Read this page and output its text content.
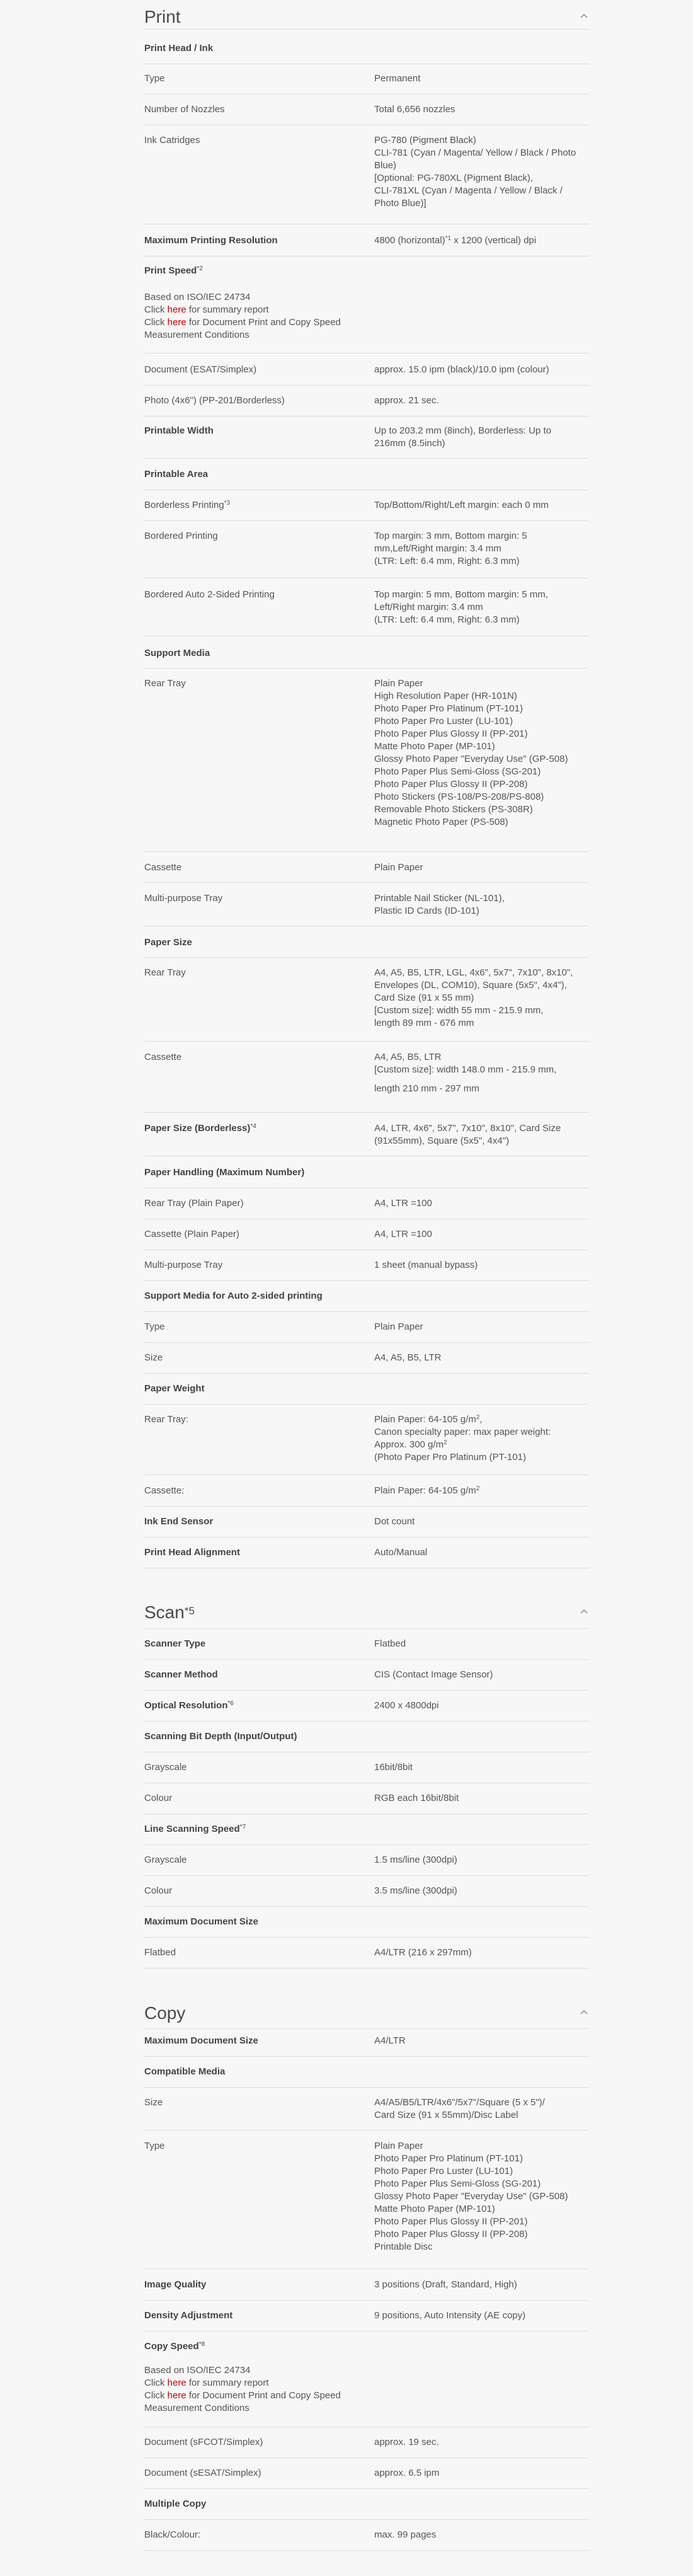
Print
Print Head / Ink
Type	Permanent
Number of Nozzles	Total 6,656 nozzles
Ink Catridges	PG-780 (Pigment Black)
CLI-781 (Cyan / Magenta/ Yellow / Black / Photo
Blue)
[Optional: PG-780XL (Pigment Black),
CLI-781XL (Cyan / Magenta / Yellow / Black /
Photo Blue)]
Maximum Printing Resolution	4800 (horizontal)$^{*1}$ x 1200 (vertical) dpi
Print Speed$^{*2}$
Based on ISO/IEC 24734
Click here for summary report
Click here for Document Print and Copy Speed
Measurement Conditions
Document (ESAT/Simplex)	approx. 15.0 ipm (black)/10.0 ipm (colour)
Photo (4x6") (PP-201/Borderless)	approx. 21 sec.
Printable Width	Up to 203.2 mm (8inch), Borderless: Up to
216mm (8.5inch)
Printable Area
Borderless Printing$^{*3}$	Top/Bottom/Right/Left margin: each 0 mm
Bordered Printing	Top margin: 3 mm, Bottom margin: 5
mm,Left/Right margin: 3.4 mm
(LTR: Left: 6.4 mm, Right: 6.3 mm)
Bordered Auto 2-Sided Printing	Top margin: 5 mm, Bottom margin: 5 mm,
Left/Right margin: 3.4 mm
(LTR: Left: 6.4 mm, Right: 6.3 mm)
Support Media
Rear Tray	Plain Paper
High Resolution Paper (HR-101N)
Photo Paper Pro Platinum (PT-101)
Photo Paper Pro Luster (LU-101)
Photo Paper Plus Glossy II (PP-201)
Matte Photo Paper (MP-101)
Glossy Photo Paper "Everyday Use" (GP-508)
Photo Paper Plus Semi-Gloss (SG-201)
Photo Paper Plus Glossy II (PP-208)
Photo Stickers (PS-108/PS-208/PS-808)
Removable Photo Stickers (PS-308R)
Magnetic Photo Paper (PS-508)
Cassette	Plain Paper
Multi-purpose Tray	Printable Nail Sticker (NL-101),
Plastic ID Cards (ID-101)
Paper Size
Rear Tray	A4, A5, B5, LTR, LGL, 4x6", 5x7", 7x10", 8x10",
Envelopes (DL, COM10), Square (5x5", 4x4"),
Card Size (91 x 55 mm)
[Custom size]: width 55 mm - 215.9 mm,
length 89 mm - 676 mm
Cassette	A4, A5, B5, LTR
[Custom size]: width 148.0 mm - 215.9 mm,
length 210 mm - 297 mm
Paper Size (Borderless)$^{*4}$	A4, LTR, 4x6", 5x7", 7x10", 8x10", Card Size
(91x55mm), Square (5x5", 4x4")
Paper Handling (Maximum Number)
Rear Tray (Plain Paper)	A4, LTR =100
Cassette (Plain Paper)	A4, LTR =100
Multi-purpose Tray	1 sheet (manual bypass)
Support Media for Auto 2-sided printing
Type	Plain Paper
Size	A4, A5, B5, LTR
Paper Weight
Rear Tray:	Plain Paper: 64-105 $g/m^2$,
Canon specialty paper: max paper weight:
Approx. 300 $g/m^2$
(Photo Paper Pro Platinum (PT-101)
Cassette:	Plain Paper: 64-105 $g/m^2$
Ink End Sensor	Dot count
Print Head Alignment	Auto/Manual
Scan$^{*5}$
Scanner Type	Flatbed
Scanner Method	CIS (Contact Image Sensor)
Optical Resolution$^{*6}$	2400 x 4800dpi
Scanning Bit Depth (Input/Output)
Grayscale	16bit/8bit
Colour	RGB each 16bit/8bit
Line Scanning Speed$^{*7}$
Grayscale	1.5 ms/line (300dpi)
Colour	3.5 ms/line (300dpi)
Maximum Document Size
Flatbed	A4/LTR (216 x 297mm)
Copy
Maximum Document Size	A4/LTR
Compatible Media
Size	A4/A5/B5/LTR/4x6"/5x7"/Square (5 x 5")/
Card Size (91 x 55mm)/Disc Label
Type	Plain Paper
Photo Paper Pro Platinum (PT-101)
Photo Paper Pro Luster (LU-101)
Photo Paper Plus Semi-Gloss (SG-201)
Glossy Photo Paper "Everyday Use" (GP-508)
Matte Photo Paper (MP-101)
Photo Paper Plus Glossy II (PP-201)
Photo Paper Plus Glossy II (PP-208)
Printable Disc
Image Quality	3 positions (Draft, Standard, High)
Density Adjustment	9 positions, Auto Intensity (AE copy)
Copy Speed$^{*8}$
Based on ISO/IEC 24734
Click here for summary report
Click here for Document Print and Copy Speed
Measurement Conditions
Document (sFCOT/Simplex)	approx. 19 sec.
Document (sESAT/Simplex)	approx. 6.5 ipm
Multiple Copy
Black/Colour:	max. 99 pages
